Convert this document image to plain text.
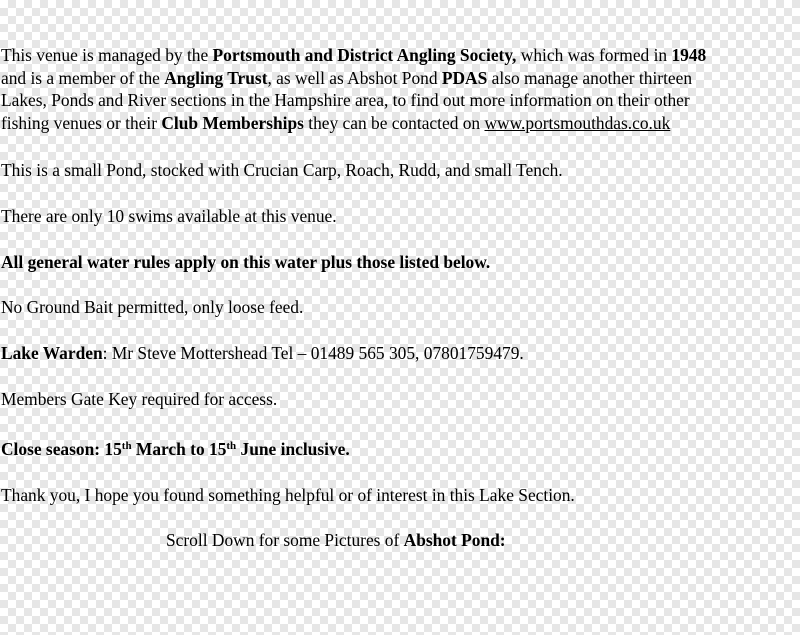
This venue is managed by the Portsmouth and District Angling Society, which was formed in 1948
and is a member of the Angling Trust, as well as Abshot Pond PDAS also manage another thirteen
Lakes, Ponds and River sections in the Hampshire area, to find out more information on their other
fishing venues or their Club Memberships they can be contacted on www.portsmouthdas.co.uk

This is a small Pond, stocked with Crucian Carp, Roach, Rudd, and small Tench.

There are only 10 swims available at this venue.

All general water rules apply on this water plus those listed below.

No Ground Bait permitted, only loose feed.

Lake Warden: Mr Steve Mottershead Tel – 01489 565 305, 07801759479.

Members Gate Key required for access.

Close season: 15th March to 15th June inclusive.

Thank you, I hope you found something helpful or of interest in this Lake Section.

Scroll Down for some Pictures of Abshot Pond:
